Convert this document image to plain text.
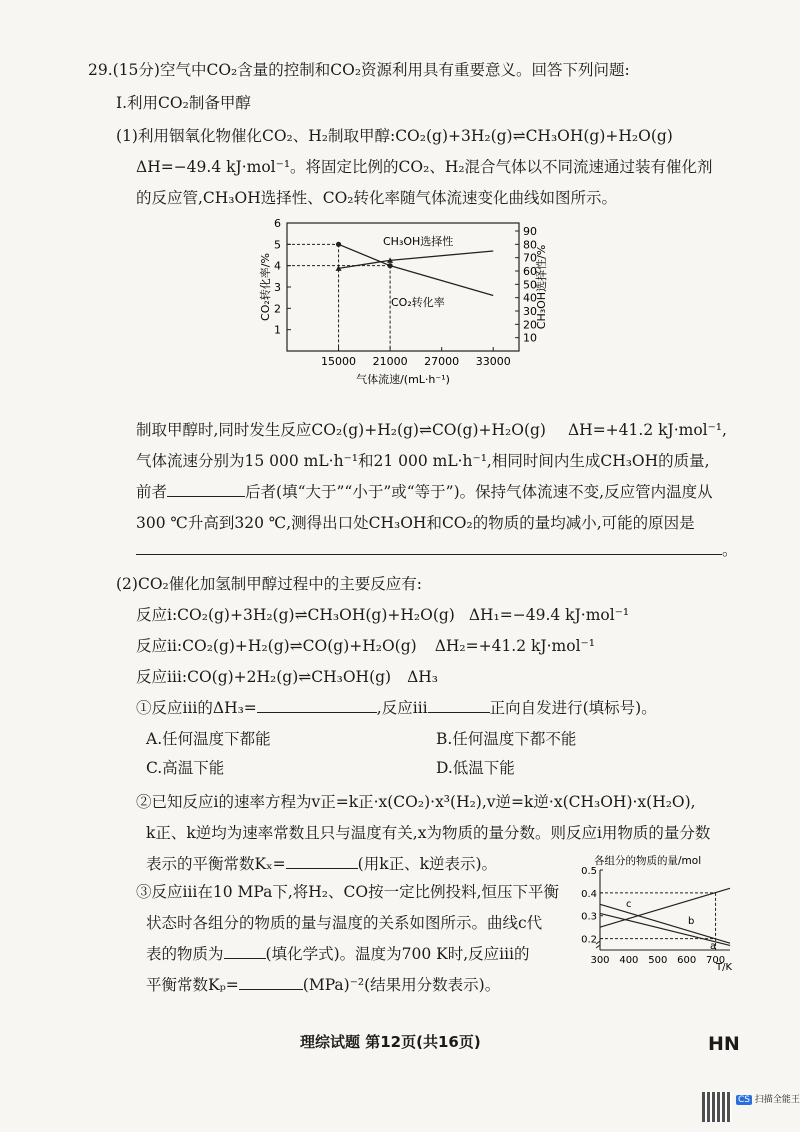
29.(15分)空气中CO₂含量的控制和CO₂资源利用具有重要意义。回答下列问题:
Ⅰ.利用CO₂制备甲醇
(1)利用铟氧化物催化CO₂、H₂制取甲醇:CO₂(g)+3H₂(g)⇌CH₃OH(g)+H₂O(g)
ΔH=−49.4 kJ·mol⁻¹。将固定比例的CO₂、H₂混合气体以不同流速通过装有催化剂
的反应管,CH₃OH选择性、CO₂转化率随气体流速变化曲线如图所示。
1
2
3
4
5
6
10
20
30
40
50
60
70
80
90
15000 21000 27000 33000
CH₃OH选择性
CO₂转化率
CO₂转化率/%	CH₃OH选择性/%
气体流速/(mL·h⁻¹)
制取甲醇时,同时发生反应CO₂(g)+H₂(g)⇌CO(g)+H₂O(g) ΔH=+41.2 kJ·mol⁻¹,
气体流速分别为15 000 mL·h⁻¹和21 000 mL·h⁻¹,相同时间内生成CH₃OH的质量,
前者	后者(填“大于”“小于”或“等于”)。保持气体流速不变,反应管内温度从
300 ℃升高到320 ℃,测得出口处CH₃OH和CO₂的物质的量均减小,可能的原因是
。
(2)CO₂催化加氢制甲醇过程中的主要反应有:
反应ⅰ:CO₂(g)+3H₂(g)⇌CH₃OH(g)+H₂O(g) ΔH₁=−49.4 kJ·mol⁻¹
反应ⅱ:CO₂(g)+H₂(g)⇌CO(g)+H₂O(g) ΔH₂=+41.2 kJ·mol⁻¹
反应ⅲ:CO(g)+2H₂(g)⇌CH₃OH(g) ΔH₃
①反应ⅲ的ΔH₃=	,反应ⅲ	正向自发进行(填标号)。
A.任何温度下都能	B.任何温度下都不能
C.高温下能	D.低温下能
②已知反应ⅰ的速率方程为v正=k正·x(CO₂)·x³(H₂),v逆=k逆·x(CH₃OH)·x(H₂O),
k正、k逆均为速率常数且只与温度有关,x为物质的量分数。则反应ⅰ用物质的量分数
表示的平衡常数Kₓ=	(用k正、k逆表示)。
③反应ⅲ在10 MPa下,将H₂、CO按一定比例投料,恒压下平衡
状态时各组分的物质的量与温度的关系如图所示。曲线c代
表的物质为	(填化学式)。温度为700 K时,反应ⅲ的
平衡常数Kₚ=	(MPa)⁻²(结果用分数表示)。
各组分的物质的量/mol
0.2
0.3
0.4
0.5
300 400 500 600 700
a
b
c
T/K
理综试题 第12页(共16页)	HN
CS 扫描全能王
